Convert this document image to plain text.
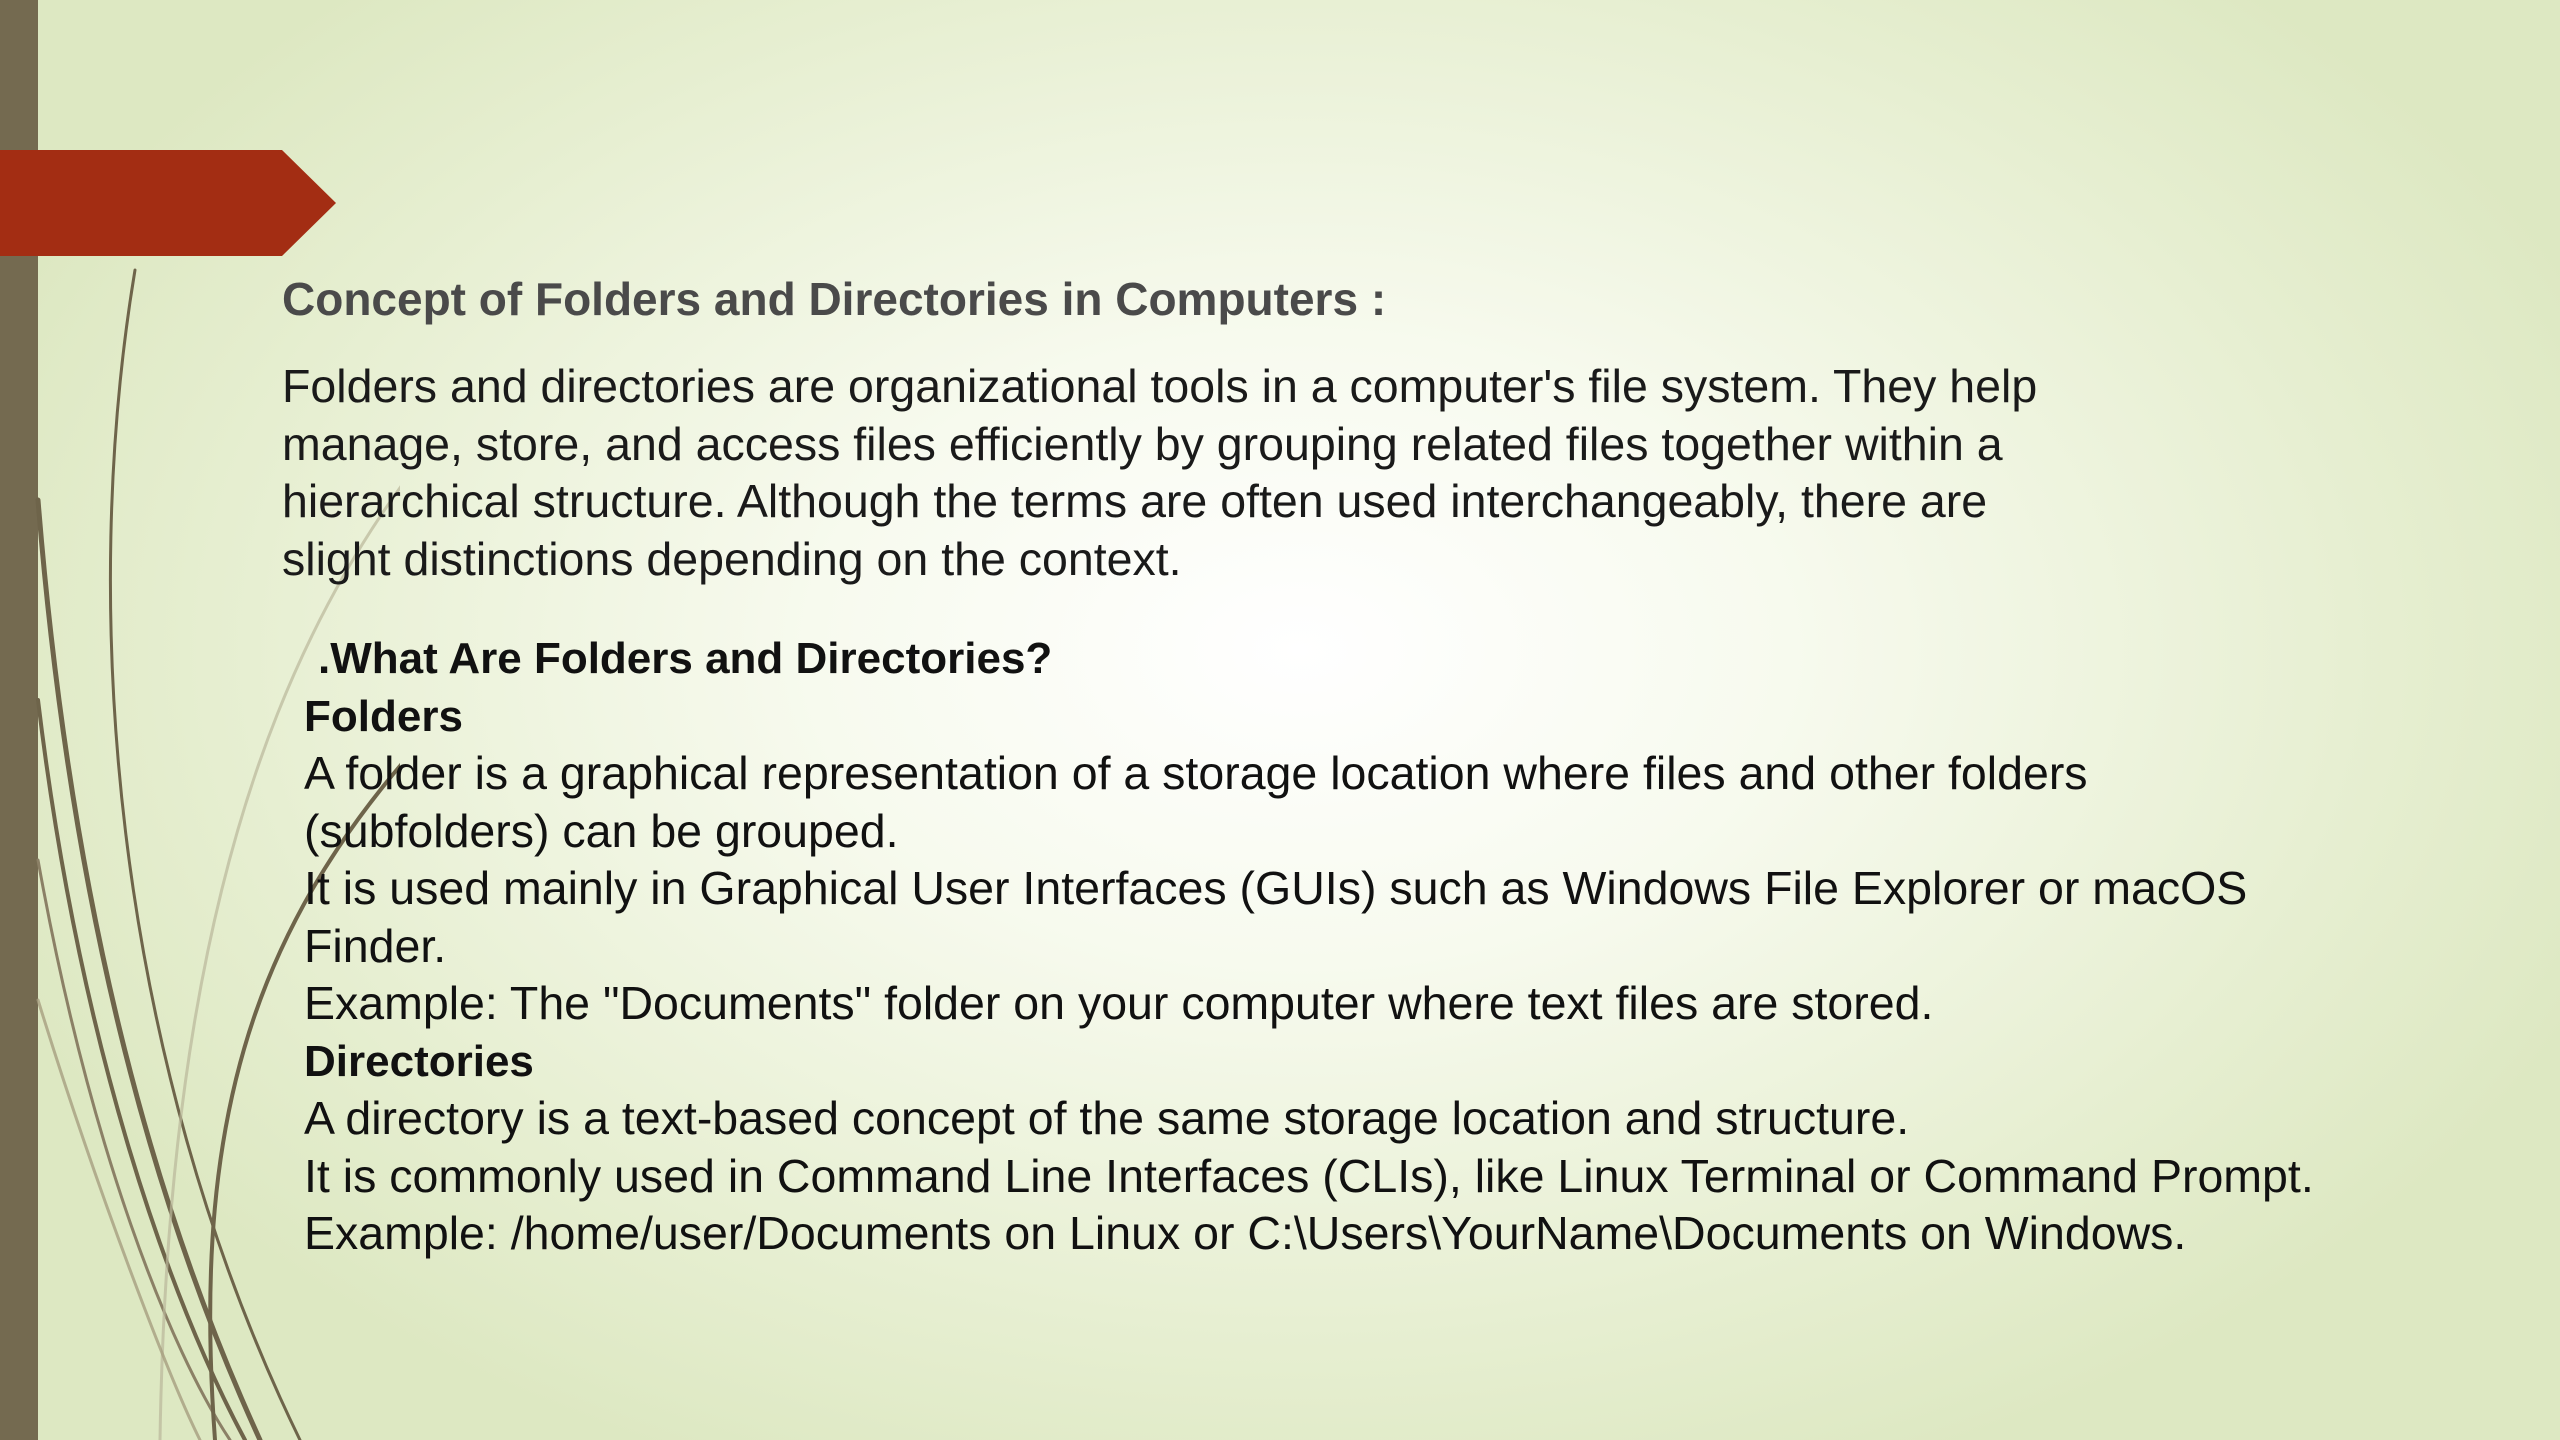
Concept of Folders and Directories in Computers :
Folders and directories are organizational tools in a computer's file system. They help
manage, store, and access files efficiently by grouping related files together within a
hierarchical structure. Although the terms are often used interchangeably, there are
slight distinctions depending on the context.
.What Are Folders and Directories?
Folders
A folder is a graphical representation of a storage location where files and other folders
(subfolders) can be grouped.
It is used mainly in Graphical User Interfaces (GUIs) such as Windows File Explorer or macOS
Finder.
Example: The "Documents" folder on your computer where text files are stored.
Directories
A directory is a text-based concept of the same storage location and structure.
It is commonly used in Command Line Interfaces (CLIs), like Linux Terminal or Command Prompt.
Example: /home/user/Documents on Linux or C:\Users\YourName\Documents on Windows.
